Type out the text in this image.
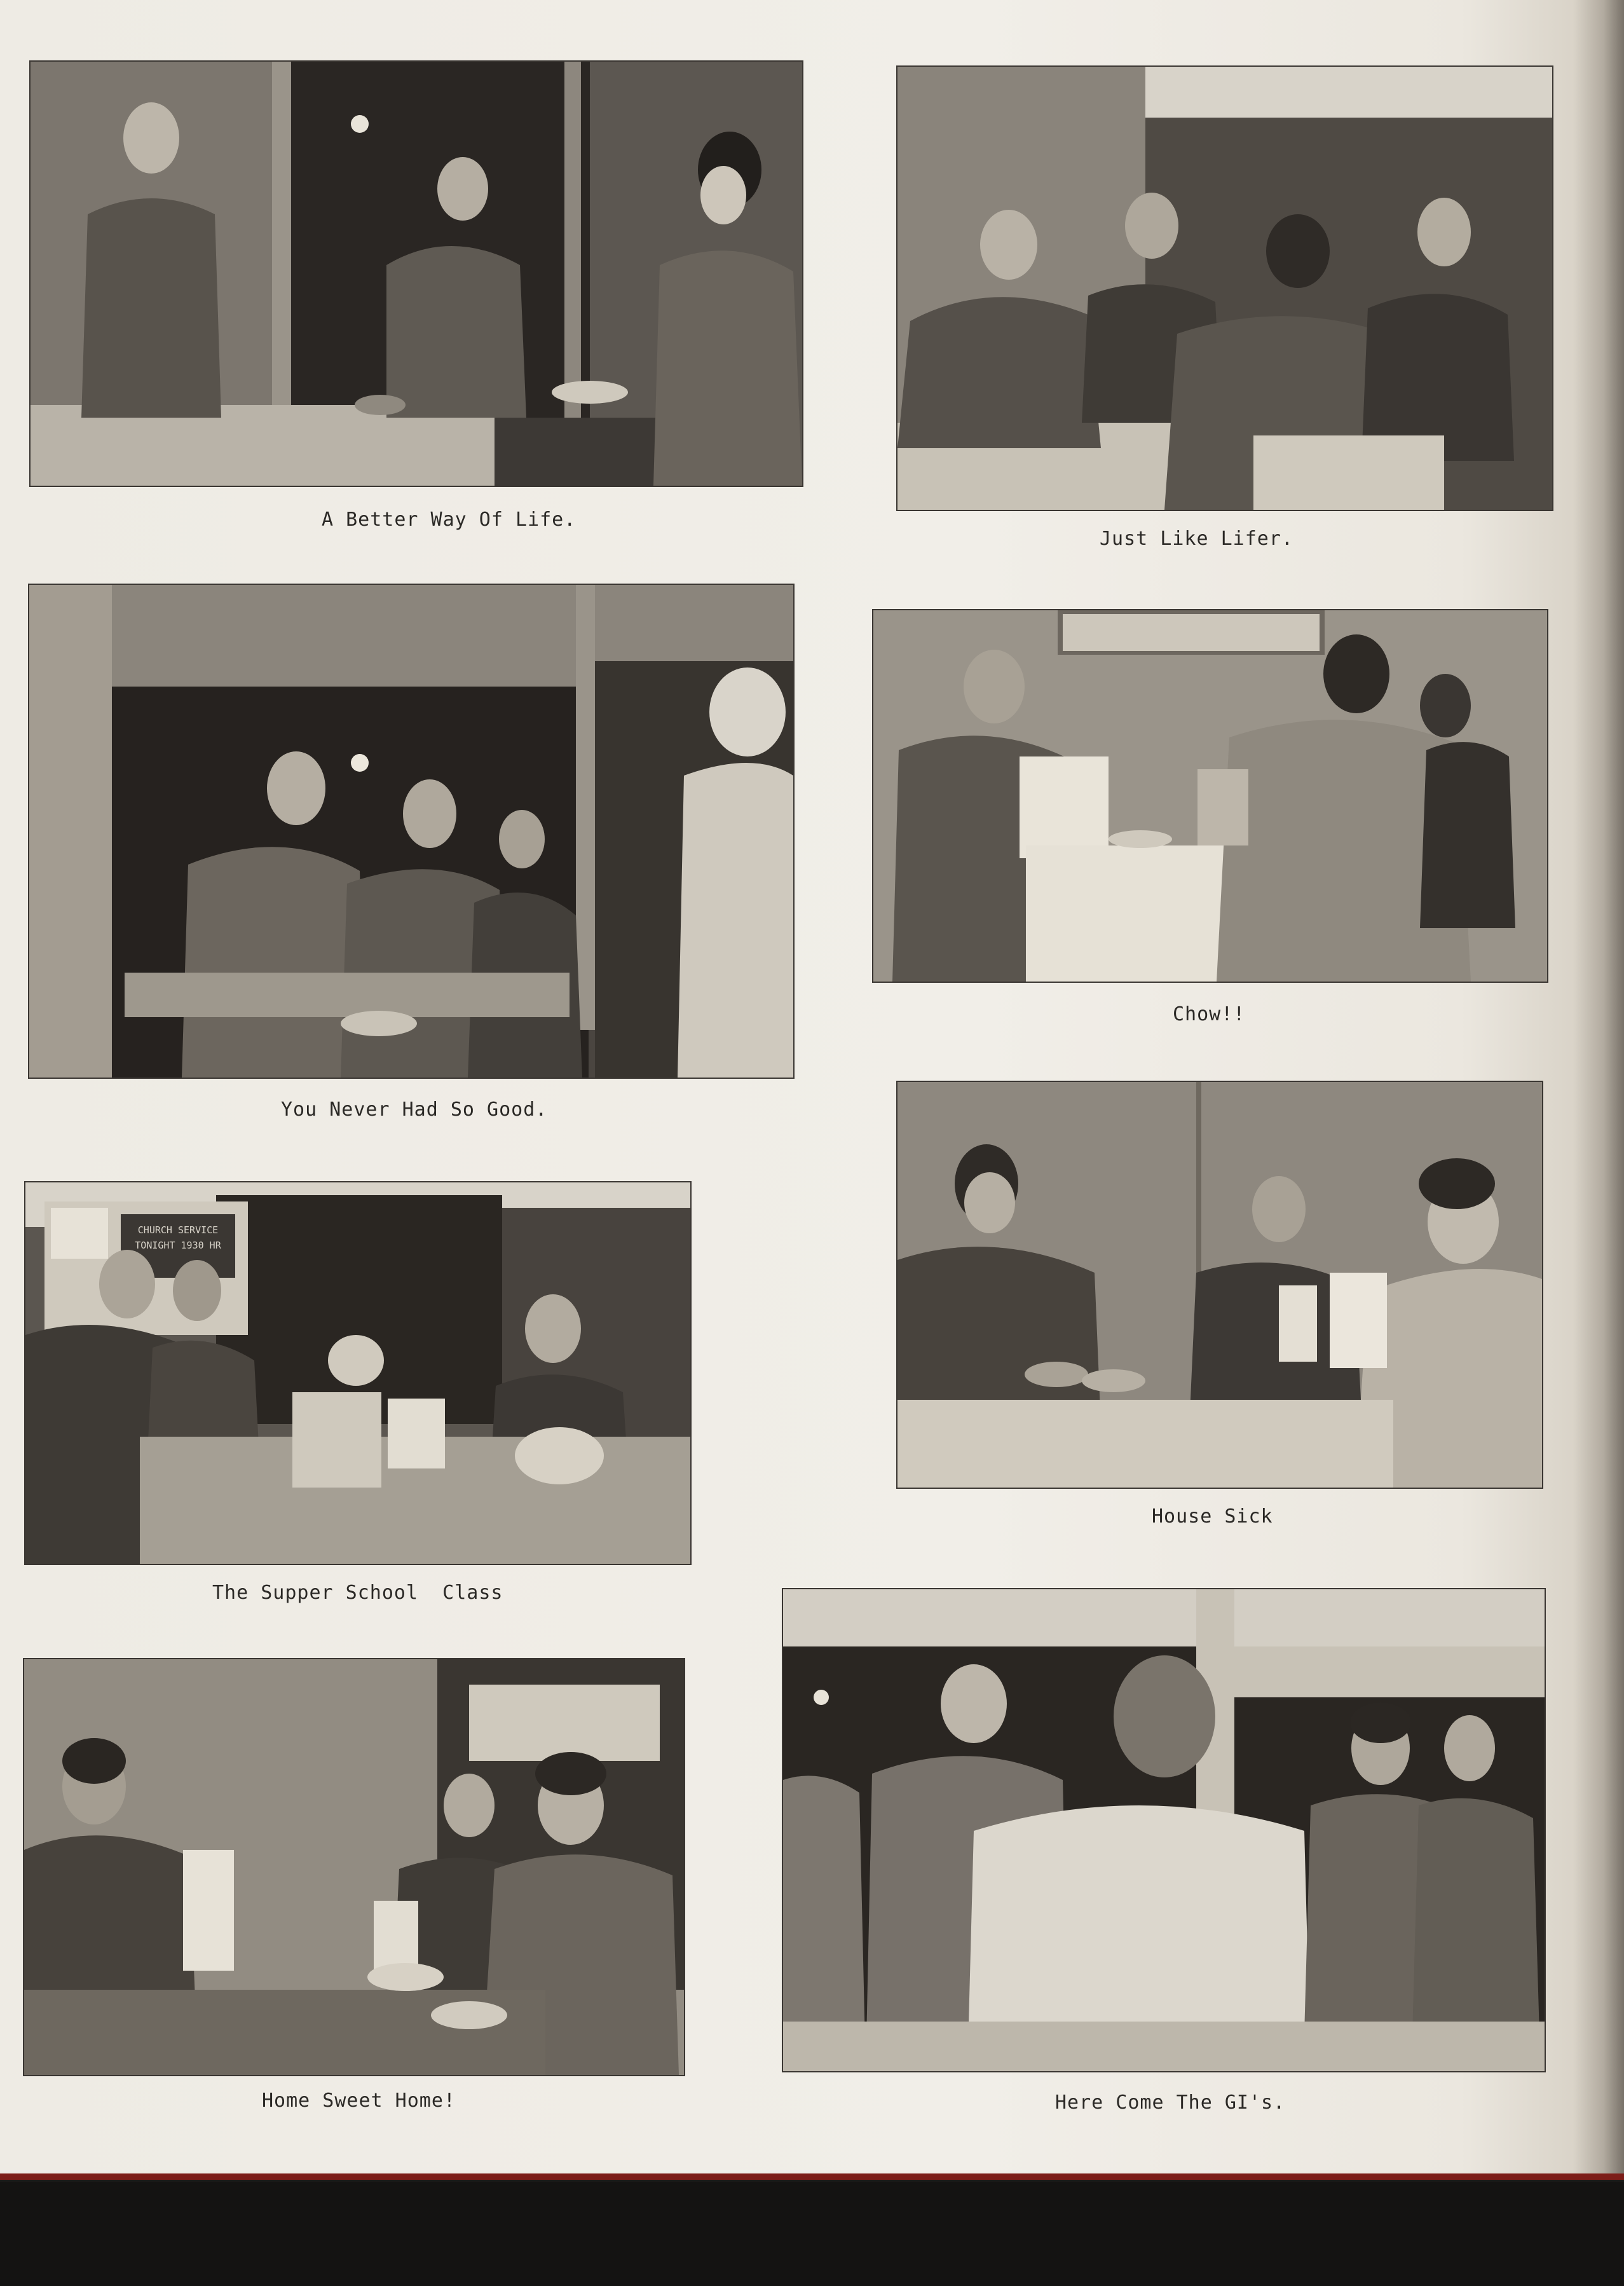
A Better Way Of Life.
Just Like Lifer.
You Never Had So Good.
Chow!!
CHURCH SERVICE
TONIGHT 1930 HR
The Supper School  Class
House Sick
Home Sweet Home!	Here Come The GI's.
